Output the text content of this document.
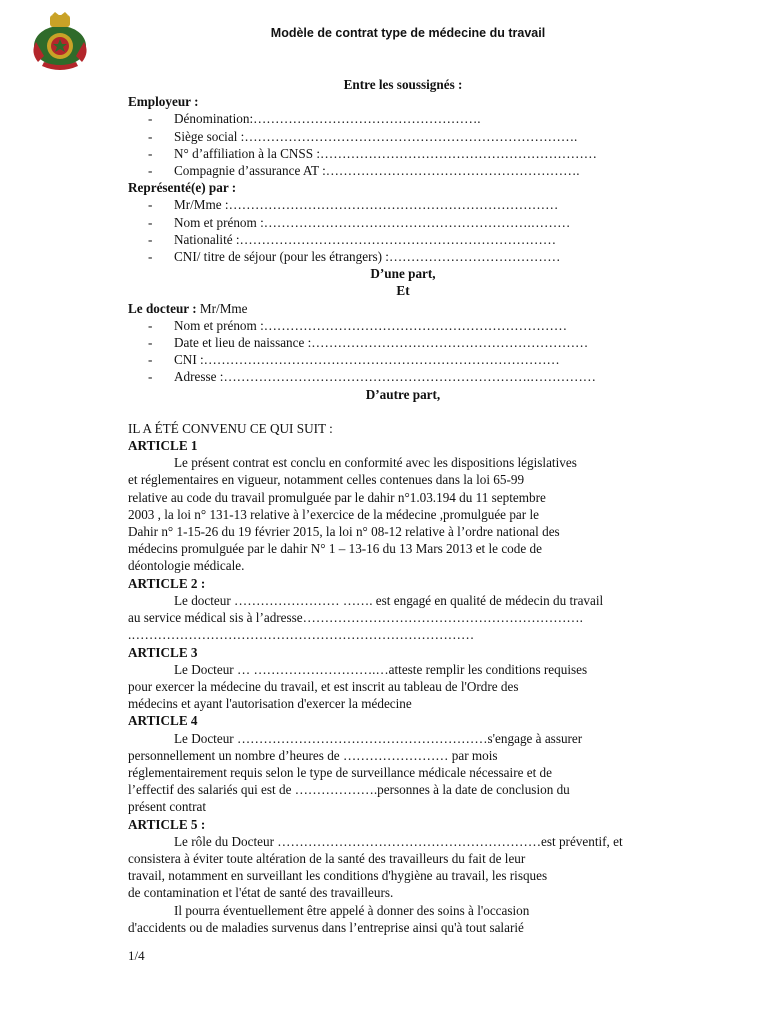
Modèle de contrat type de médecine du travail
Entre les soussignés :
Employeur :
- Dénomination:…………………………………………….
- Siège social :………………………………………………………………….
- N° d’affiliation à la CNSS :………………………………………………………
- Compagnie d’assurance AT :………………………………………………….
Représenté(e) par :
- Mr/Mme :…………………………………………………………………
- Nom et prénom :…………………………………………………….………
- Nationalité :………………………………………………………………
- CNI/ titre de séjour (pour les étrangers) :…………………………………
D’une part,
Et
Le docteur : Mr/Mme
- Nom et prénom :……………………………………………………………
- Date et lieu de naissance :………………………………………………………
- CNI :………………………………………………………………………
- Adresse :…………………………………………………………….……………
D’autre part,
IL A ÉTÉ CONVENU CE QUI SUIT :
ARTICLE 1
Le présent contrat est conclu en conformité avec les dispositions législatives
et réglementaires en vigueur, notamment celles contenues dans la loi 65-99
relative au code du travail promulguée par le dahir n°1.03.194 du 11 septembre
2003 , la loi n° 131-13 relative à l’exercice de la médecine ,promulguée par le
Dahir n° 1-15-26 du 19 février 2015, la loi n° 08-12 relative à l’ordre national des
médecins promulguée par le dahir N° 1 – 13-16 du 13 Mars 2013 et le code de
déontologie médicale.
ARTICLE 2 :
Le docteur …………………… ……. est engagé en qualité de médecin du travail
au service médical sis à l’adresse……………………………………………………….
.……………………………………………………………………
ARTICLE 3
Le Docteur … ……………………….…atteste remplir les conditions requises
pour exercer la médecine du travail, et est inscrit au tableau de l'Ordre des
médecins et ayant l'autorisation d'exercer la médecine
ARTICLE 4
Le Docteur …………………………………………………s'engage à assurer
personnellement un nombre d’heures de …………………… par mois
réglementairement requis selon le type de surveillance médicale nécessaire et de
l’effectif des salariés qui est de ……………….personnes à la date de conclusion du
présent contrat
ARTICLE 5 :
Le rôle du Docteur ……………………………………………………est préventif, et
consistera à éviter toute altération de la santé des travailleurs du fait de leur
travail, notamment en surveillant les conditions d'hygiène au travail, les risques
de contamination et l'état de santé des travailleurs.
Il pourra éventuellement être appelé à donner des soins à l'occasion
d'accidents ou de maladies survenus dans l’entreprise ainsi qu'à tout salarié
1/4
